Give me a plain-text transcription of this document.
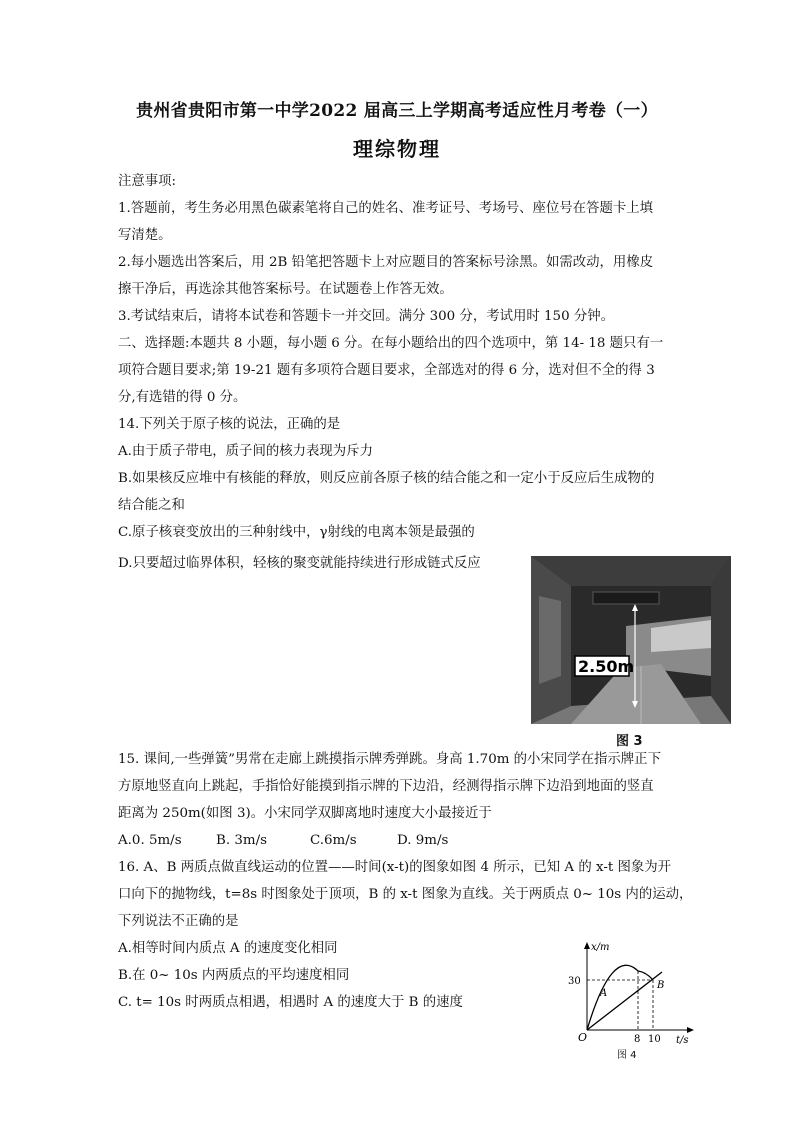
贵州省贵阳市第一中学2022 届高三上学期高考适应性月考卷（一）
理综物理
注意事项:
1.答题前，考生务必用黑色碳素笔将自己的姓名、准考证号、考场号、座位号在答题卡上填
写清楚。
2.每小题选出答案后，用 2B 铅笔把答题卡上对应题目的答案标号涂黑。如需改动，用橡皮
擦干净后，再选涂其他答案标号。在试题卷上作答无效。
3.考试结束后，请将本试卷和答题卡一并交回。满分 300 分，考试用时 150 分钟。
二、选择题:本题共 8 小题，每小题 6 分。在每小题给出的四个选项中，第 14- 18 题只有一
项符合题目要求;第 19-21 题有多项符合题目要求，全部选对的得 6 分，选对但不全的得 3
分,有选错的得 0 分。
14.下列关于原子核的说法，正确的是
A.由于质子带电，质子间的核力表现为斥力
B.如果核反应堆中有核能的释放，则反应前各原子核的结合能之和一定小于反应后生成物的
结合能之和
C.原子核衰变放出的三种射线中，γ射线的电离本领是最强的
D.只要超过临界体积，轻核的聚变就能持续进行形成链式反应
2.50m
图 3
15. 课间,一些弹簧”男常在走廊上跳摸指示牌秀弹跳。身高 1.70m 的小宋同学在指示牌正下
方原地竖直向上跳起，手指恰好能摸到指示牌的下边沿，经测得指示牌下边沿到地面的竖直
距离为 250m(如图 3)。小宋同学双脚离地时速度大小最接近于
A.0. 5m/s	B. 3m/s	C.6m/s	D. 9m/s
16. A、B 两质点做直线运动的位置——时间(x-t)的图象如图 4 所示，已知 A 的 x-t 图象为开
口向下的抛物线，t=8s 时图象处于顶项，B 的 x-t 图象为直线。关于两质点 0~ 10s 内的运动，
下列说法不正确的是
A.相等时间内质点 A 的速度变化相同
B.在 0~ 10s 内两质点的平均速度相同
C. t= 10s 时两质点相遇，相遇时 A 的速度大于 B 的速度
x/m
t/s
O
30
8 10
A
B
图 4
